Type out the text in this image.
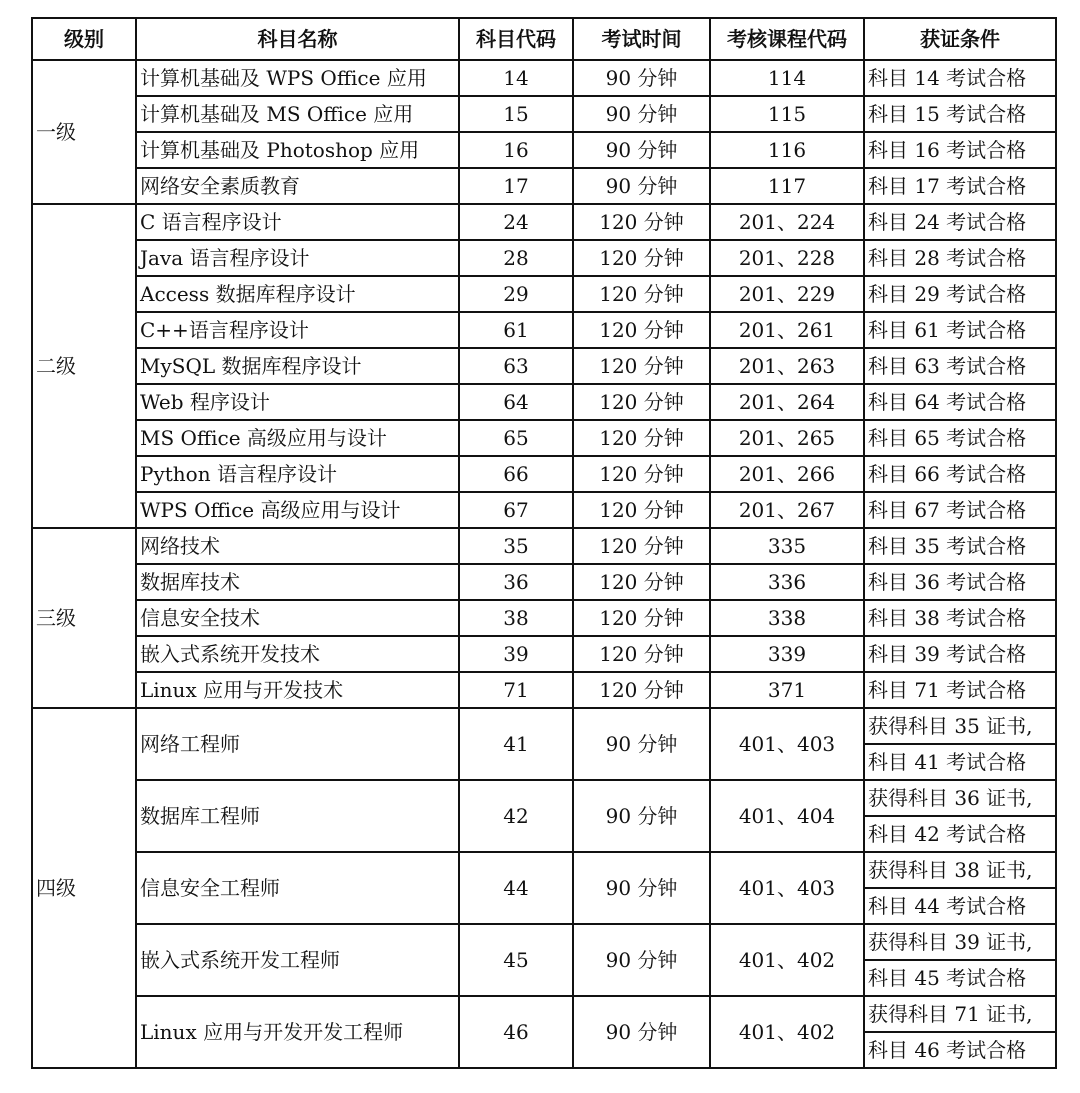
级别	科目名称	科目代码	考试时间	考核课程代码	获证条件
一级	计算机基础及 WPS Office 应用	14	90 分钟	114	科目 14 考试合格
	计算机基础及 MS Office 应用	15	90 分钟	115	科目 15 考试合格
	计算机基础及 Photoshop 应用	16	90 分钟	116	科目 16 考试合格
	网络安全素质教育	17	90 分钟	117	科目 17 考试合格
二级	C 语言程序设计	24	120 分钟	201、224	科目 24 考试合格
	Java 语言程序设计	28	120 分钟	201、228	科目 28 考试合格
	Access 数据库程序设计	29	120 分钟	201、229	科目 29 考试合格
	C++语言程序设计	61	120 分钟	201、261	科目 61 考试合格
	MySQL 数据库程序设计	63	120 分钟	201、263	科目 63 考试合格
	Web 程序设计	64	120 分钟	201、264	科目 64 考试合格
	MS Office 高级应用与设计	65	120 分钟	201、265	科目 65 考试合格
	Python 语言程序设计	66	120 分钟	201、266	科目 66 考试合格
	WPS Office 高级应用与设计	67	120 分钟	201、267	科目 67 考试合格
三级	网络技术	35	120 分钟	335	科目 35 考试合格
	数据库技术	36	120 分钟	336	科目 36 考试合格
	信息安全技术	38	120 分钟	338	科目 38 考试合格
	嵌入式系统开发技术	39	120 分钟	339	科目 39 考试合格
	Linux 应用与开发技术	71	120 分钟	371	科目 71 考试合格
四级	网络工程师	41	90 分钟	401、403	获得科目 35 证书,
					科目 41 考试合格
	数据库工程师	42	90 分钟	401、404	获得科目 36 证书,
					科目 42 考试合格
	信息安全工程师	44	90 分钟	401、403	获得科目 38 证书,
					科目 44 考试合格
	嵌入式系统开发工程师	45	90 分钟	401、402	获得科目 39 证书,
					科目 45 考试合格
	Linux 应用与开发开发工程师	46	90 分钟	401、402	获得科目 71 证书,
					科目 46 考试合格
